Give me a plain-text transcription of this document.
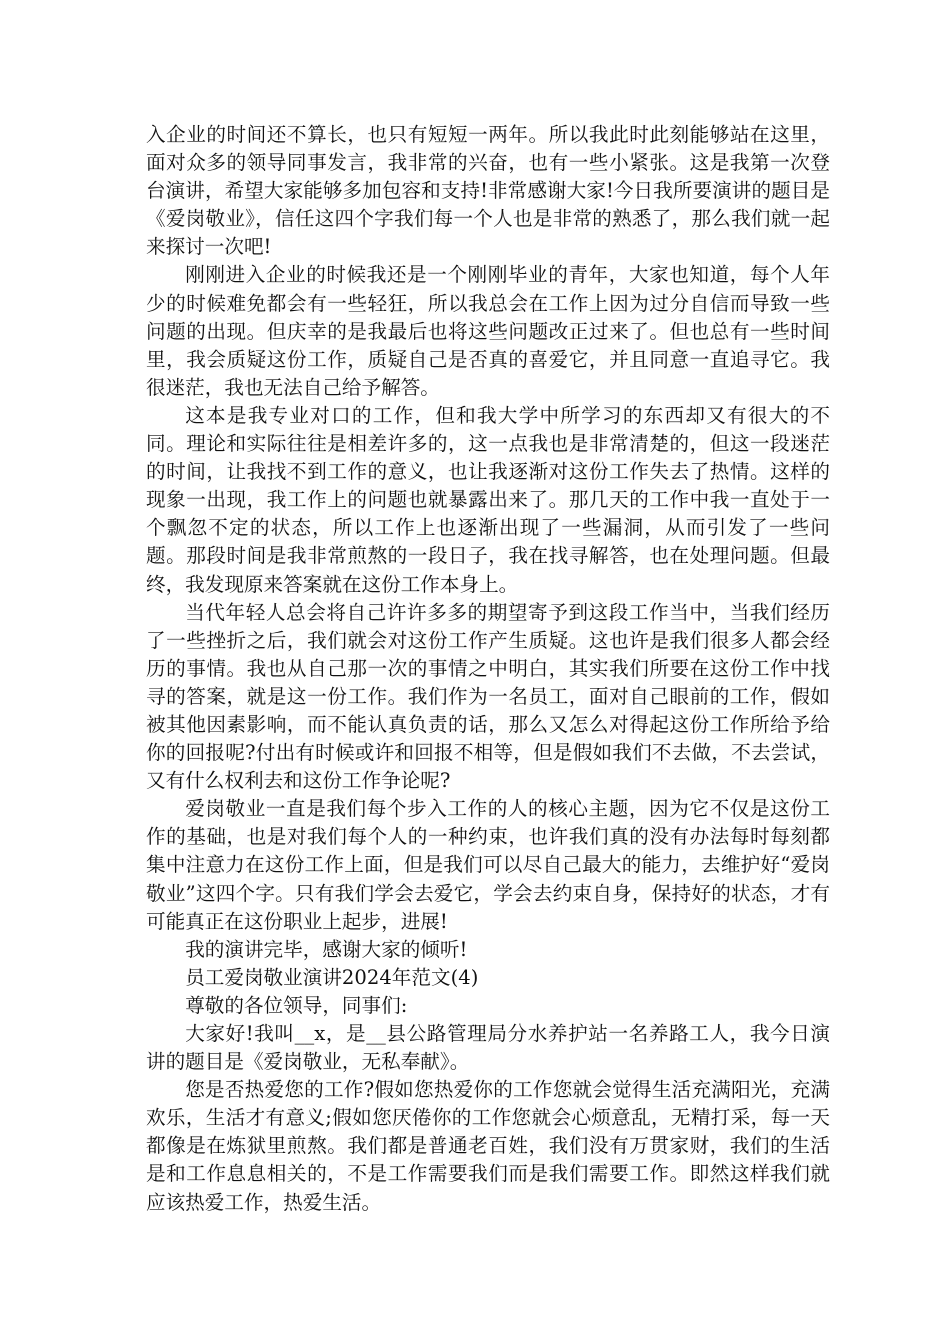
入企业的时间还不算长，也只有短短一两年。所以我此时此刻能够站在这里，面对众多的领导同事发言，我非常的兴奋，也有一些小紧张。这是我第一次登台演讲，希望大家能够多加包容和支持!非常感谢大家!今日我所要演讲的题目是《爱岗敬业》，信任这四个字我们每一个人也是非常的熟悉了，那么我们就一起来探讨一次吧!

刚刚进入企业的时候我还是一个刚刚毕业的青年，大家也知道，每个人年少的时候难免都会有一些轻狂，所以我总会在工作上因为过分自信而导致一些问题的出现。但庆幸的是我最后也将这些问题改正过来了。但也总有一些时间里，我会质疑这份工作，质疑自己是否真的喜爱它，并且同意一直追寻它。我很迷茫，我也无法自己给予解答。

这本是我专业对口的工作，但和我大学中所学习的东西却又有很大的不同。理论和实际往往是相差许多的，这一点我也是非常清楚的，但这一段迷茫的时间，让我找不到工作的意义，也让我逐渐对这份工作失去了热情。这样的现象一出现，我工作上的问题也就暴露出来了。那几天的工作中我一直处于一个飘忽不定的状态，所以工作上也逐渐出现了一些漏洞，从而引发了一些问题。那段时间是我非常煎熬的一段日子，我在找寻解答，也在处理问题。但最终，我发现原来答案就在这份工作本身上。

当代年轻人总会将自己许许多多的期望寄予到这段工作当中，当我们经历了一些挫折之后，我们就会对这份工作产生质疑。这也许是我们很多人都会经历的事情。我也从自己那一次的事情之中明白，其实我们所要在这份工作中找寻的答案，就是这一份工作。我们作为一名员工，面对自己眼前的工作，假如被其他因素影响，而不能认真负责的话，那么又怎么对得起这份工作所给予给你的回报呢?付出有时候或许和回报不相等，但是假如我们不去做，不去尝试，又有什么权利去和这份工作争论呢?

爱岗敬业一直是我们每个步入工作的人的核心主题，因为它不仅是这份工作的基础，也是对我们每个人的一种约束，也许我们真的没有办法每时每刻都集中注意力在这份工作上面，但是我们可以尽自己最大的能力，去维护好“爱岗敬业”这四个字。只有我们学会去爱它，学会去约束自身，保持好的状态，才有可能真正在这份职业上起步，进展!

我的演讲完毕，感谢大家的倾听!

员工爱岗敬业演讲2024年范文(4)

尊敬的各位领导，同事们:

大家好!我叫__x，是__县公路管理局分水养护站一名养路工人，我今日演讲的题目是《爱岗敬业，无私奉献》。

您是否热爱您的工作?假如您热爱你的工作您就会觉得生活充满阳光，充满欢乐，生活才有意义;假如您厌倦你的工作您就会心烦意乱，无精打采，每一天都像是在炼狱里煎熬。我们都是普通老百姓，我们没有万贯家财，我们的生活是和工作息息相关的，不是工作需要我们而是我们需要工作。即然这样我们就应该热爱工作，热爱生活。
